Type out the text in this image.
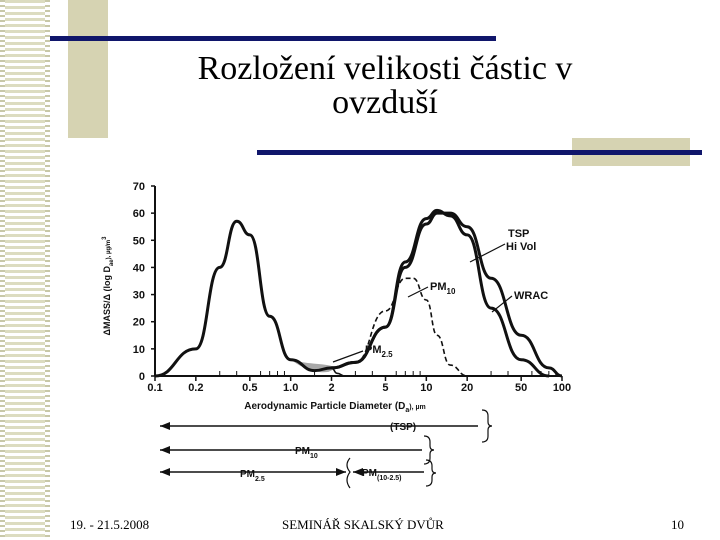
Rozložení velikosti částic v
ovzduší
0
10
20
30
40
50
60
70
0.1 0.2	0.5 1.0	2	5	10	20	50 100
Aerodynamic Particle Diameter ($D_a^{), \mu m}$
ΔMASS/Δ (log $D_{ae}^{), \mu g/m3}$	TSP
Hi Vol
$PM_{10}$	WRAC
$PM_{2.5}$
(TSP)
$PM_{10}$
$PM_{2.5}$
$PM_{(10-2.5)}$
19. - 21.5.2008	SEMINÁŘ SKALSKÝ DVŮR	10
